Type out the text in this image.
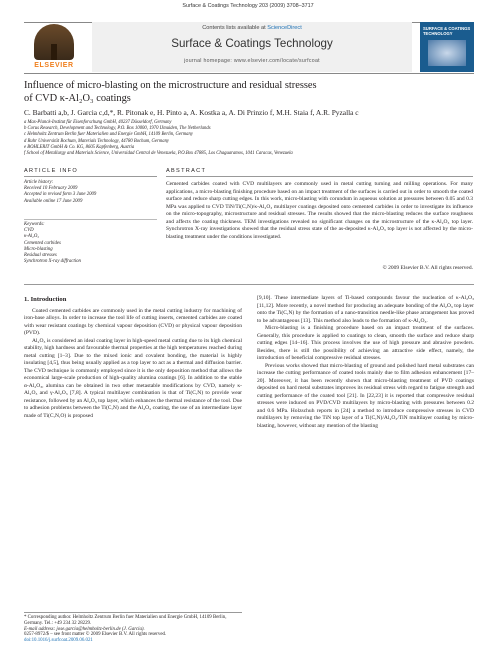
Surface & Coatings Technology 203 (2009) 3708–3717
ELSEVIER
Contents lists available at ScienceDirect
Surface & Coatings Technology
journal homepage: www.elsevier.com/locate/surfcoat
SURFACE & COATINGS TECHNOLOGY
Influence of micro-blasting on the microstructure and residual stresses
of CVD κ-Al₂O₃ coatings
C. Barbatti a,b, J. Garcia c,d,*, R. Pitonak e, H. Pinto a, A. Kostka a, A. Di Prinzio f, M.H. Staia f, A.R. Pyzalla c
a Max-Planck-Institut für Eisenforschung GmbH, 40237 Düsseldorf, Germany
b Corus Research, Development and Technology, P.O. Box 10000, 1970 IJmuiden, The Netherlands
c Helmholtz Zentrum Berlin fuer Materialien und Energie GmbH, 14109 Berlin, Germany
d Ruhr Universität Bochum, Materials Technology, 44780 Bochum, Germany
e BOHLERIT GmbH & Co. KG, 8605 Kapfenberg, Austria
f School of Metallurgy and Materials Science, Universidad Central de Venezuela, P.O.Box 47885, Los Chaguaramos, 1041 Caracas, Venezuela
ARTICLE INFO	ABSTRACT
Article history:
Received 10 February 2009
Accepted in revised form 3 June 2009
Available online 17 June 2009
Keywords:
CVD
κ-Al₂O₃
Cemented carbides
Micro-blasting
Residual stresses
Synchrotron X-ray diffraction
Cemented carbides coated with CVD multilayers are commonly used in metal cutting turning and milling operations. For many applications, a micro-blasting finishing procedure based on an impact treatment of the surfaces is carried out in order to smooth the coated surface and reduce sharp cutting edges. In this work, micro-blasting with corundum in aqueous solution at pressures between 0.05 and 0.3 MPa was applied to CVD TiN/Ti(C,N)/κ-Al₂O₃ multilayer coatings deposited onto cemented carbides in order to investigate its influence on the micro-topography, microstructure and residual stresses. The results showed that the micro-blasting reduces the surface roughness and affects the coating thickness. TEM investigations revealed no significant changes on the microstructure of the κ-Al₂O₃ top layer. Synchrotron X-ray investigations showed that the residual stress state of the as-deposited κ-Al₂O₃ top layer is not affected by the micro-blasting treatment under the conditions investigated.
© 2009 Elsevier B.V. All rights reserved.
1. Introduction

Coated cemented carbides are commonly used in the metal cutting industry for machining of iron-base alloys. In order to increase the tool life of cutting inserts, cemented carbides are coated with wear resistant coatings by chemical vapour deposition (CVD) or physical vapour deposition (PVD).

Al₂O₃ is considered an ideal coating layer in high-speed metal cutting due to its high chemical stability, high hardness and favourable thermal properties at the high temperatures reached during metal cutting [1–3]. Due to the mixed ionic and covalent bonding, the material is highly insulating [4,5], thus being usually applied as a top layer to act as a thermal and diffusion barrier. The CVD technique is commonly employed since it is the only deposition method that allows the economical large-scale production of high-quality alumina coatings [6]. In addition to the stable α-Al₂O₃, alumina can be obtained in two other metastable modifications by CVD, namely κ-Al₂O₃ and γ-Al₂O₃ [7,8]. A typical multilayer combination is that of Ti(C,N) to provide wear resistance, followed by an Al₂O₃ top layer, which enhances the thermal resistance of the tool. Due to adhesion problems between the Ti(C,N) and the Al₂O₃ coating, the use of an intermediate layer made of Ti(C,N,O) is proposed

[9,10]. These intermediate layers of Ti-based compounds favour the nucleation of κ-Al₂O₃ [11,12]. More recently, a novel method for producing an adequate bonding of the Al₂O₃ top layer onto the Ti(C,N) by the formation of a nano-transition needle-like phase arrangement has proved to be advantageous [13]. This method also leads to the formation of κ-Al₂O₃.

Micro-blasting is a finishing procedure based on an impact treatment of the surfaces. Generally, this procedure is applied to coatings to clean, smooth the surface and reduce sharp cutting edges [14–16]. This process involves the use of high pressure and abrasive powders. Besides, there is still the possibility of achieving an attractive side effect, namely, the introduction of beneficial compressive residual stresses.

Previous works showed that micro-blasting of ground and polished hard metal substrates can increase the cutting performance of coated tools mainly due to film adhesion enhancement [17–20]. Moreover, it has been recently shown that micro-blasting treatment of PVD coatings deposited on hard metal substrates improves its residual stress with regard to fatigue strength and cutting performance of the coated tool [21]. In [22,23] it is reported that compressive residual stresses were induced on PVD/CVD multilayers by micro-blasting with pressures between 0.2 and 0.6 MPa. Holzschuh reports in [24] a method to introduce compressive stresses in CVD multilayers by removing the TiN top layer of a Ti(C,N)/Al₂O₃/TiN multilayer coating by micro-blasting, however, without any mention of the blasting

* Corresponding author. Helmholtz Zentrum Berlin fuer Materialien und Energie GmbH, 14109 Berlin, Germany. Tel.: +49 234 32 28229.
E-mail address: jose.garcia@helmholtz-berlin.de (J. Garcia).
0257-8972/$ – see front matter © 2009 Elsevier B.V. All rights reserved.
doi:10.1016/j.surfcoat.2009.06.021
